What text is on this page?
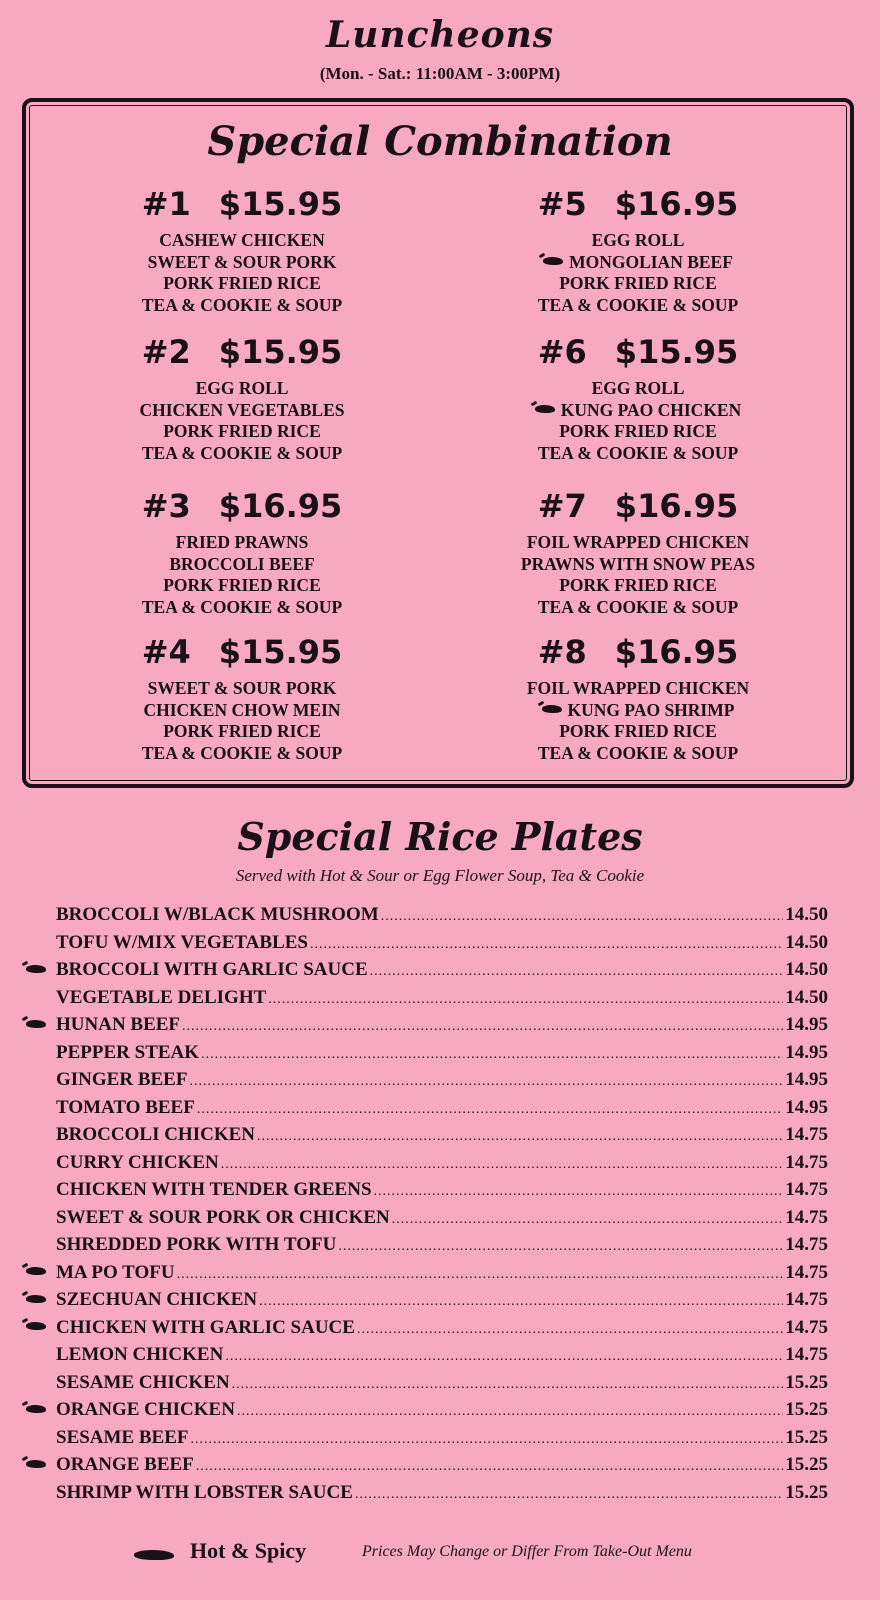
Luncheons
(Mon. - Sat.: 11:00AM - 3:00PM)
Special Combination
#1 $15.95
CASHEW CHICKEN
SWEET & SOUR PORK
PORK FRIED RICE
TEA & COOKIE & SOUP
#2 $15.95
EGG ROLL
CHICKEN VEGETABLES
PORK FRIED RICE
TEA & COOKIE & SOUP
#3 $16.95
FRIED PRAWNS
BROCCOLI BEEF
PORK FRIED RICE
TEA & COOKIE & SOUP
#4 $15.95
SWEET & SOUR PORK
CHICKEN CHOW MEIN
PORK FRIED RICE
TEA & COOKIE & SOUP
#5 $16.95
EGG ROLL
MONGOLIAN BEEF
PORK FRIED RICE
TEA & COOKIE & SOUP
#6 $15.95
EGG ROLL
KUNG PAO CHICKEN
PORK FRIED RICE
TEA & COOKIE & SOUP
#7 $16.95
FOIL WRAPPED CHICKEN
PRAWNS WITH SNOW PEAS
PORK FRIED RICE
TEA & COOKIE & SOUP
#8 $16.95
FOIL WRAPPED CHICKEN
KUNG PAO SHRIMP
PORK FRIED RICE
TEA & COOKIE & SOUP
Special Rice Plates
Served with Hot & Sour or Egg Flower Soup, Tea & Cookie
BROCCOLI W/BLACK MUSHROOM .....	14.50
TOFU W/MIX VEGETABLES .....	14.50
BROCCOLI WITH GARLIC SAUCE .....	14.50
VEGETABLE DELIGHT .....	14.50
HUNAN BEEF .....	14.95
PEPPER STEAK .....	14.95
GINGER BEEF .....	14.95
TOMATO BEEF .....	14.95
BROCCOLI CHICKEN .....	14.75
CURRY CHICKEN .....	14.75
CHICKEN WITH TENDER GREENS .....	14.75
SWEET & SOUR PORK OR CHICKEN .....	14.75
SHREDDED PORK WITH TOFU .....	14.75
MA PO TOFU .....	14.75
SZECHUAN CHICKEN .....	14.75
CHICKEN WITH GARLIC SAUCE .....	14.75
LEMON CHICKEN .....	14.75
SESAME CHICKEN .....	15.25
ORANGE CHICKEN .....	15.25
SESAME BEEF .....	15.25
ORANGE BEEF .....	15.25
SHRIMP WITH LOBSTER SAUCE .....	15.25
Hot & Spicy	Prices May Change or Differ From Take-Out Menu
